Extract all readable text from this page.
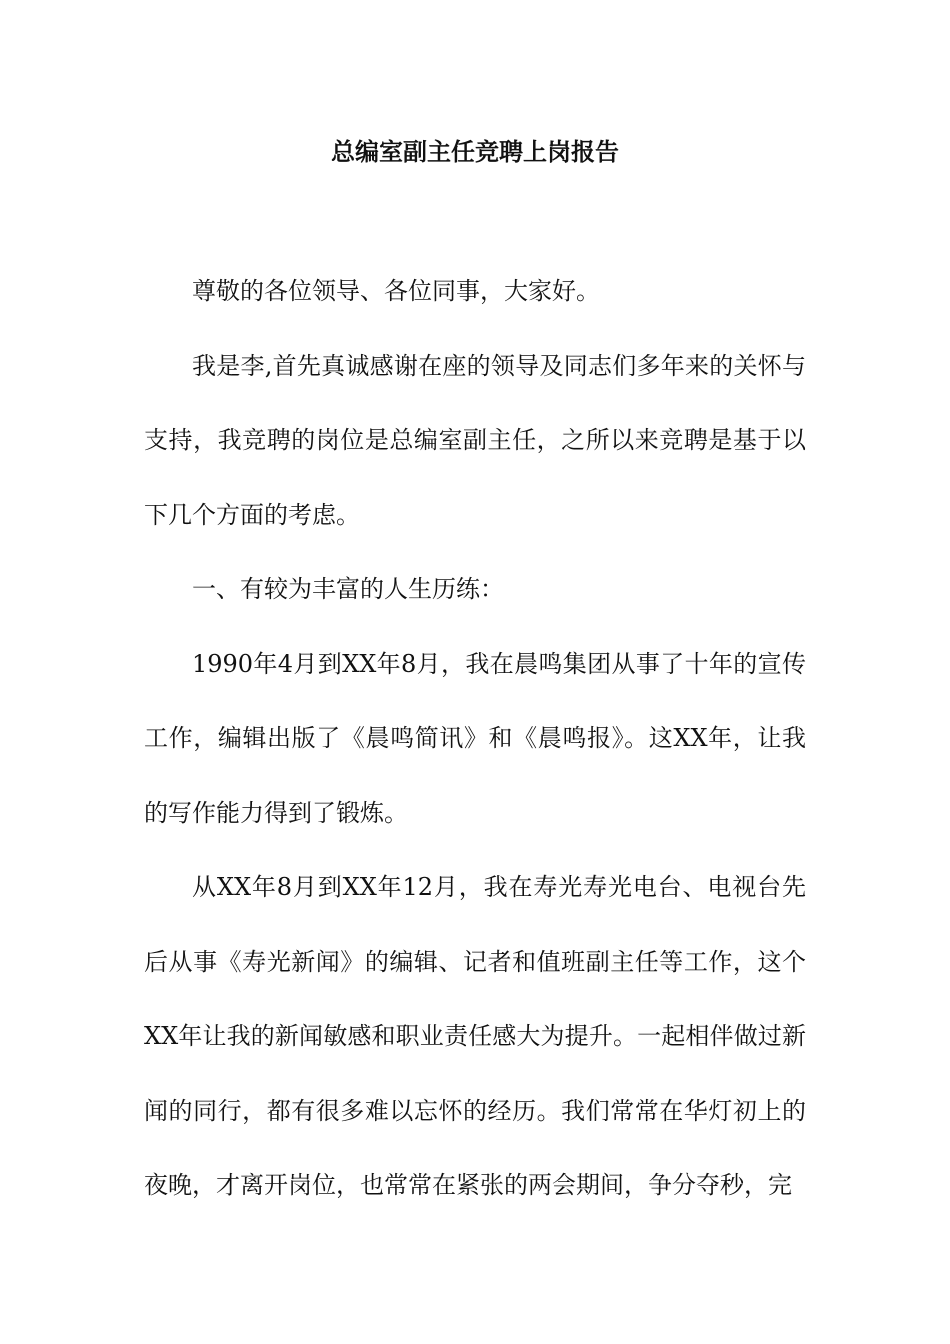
总编室副主任竞聘上岗报告

尊敬的各位领导、各位同事，大家好。

我是李,首先真诚感谢在座的领导及同志们多年来的关怀与支持，我竞聘的岗位是总编室副主任，之所以来竞聘是基于以下几个方面的考虑。

一、有较为丰富的人生历练：

1990年4月到XX年8月，我在晨鸣集团从事了十年的宣传工作，编辑出版了《晨鸣简讯》和《晨鸣报》。这XX年，让我的写作能力得到了锻炼。

从XX年8月到XX年12月，我在寿光寿光电台、电视台先后从事《寿光新闻》的编辑、记者和值班副主任等工作，这个XX年让我的新闻敏感和职业责任感大为提升。一起相伴做过新闻的同行，都有很多难以忘怀的经历。我们常常在华灯初上的夜晚，才离开岗位，也常常在紧张的两会期间，争分夺秒，完
